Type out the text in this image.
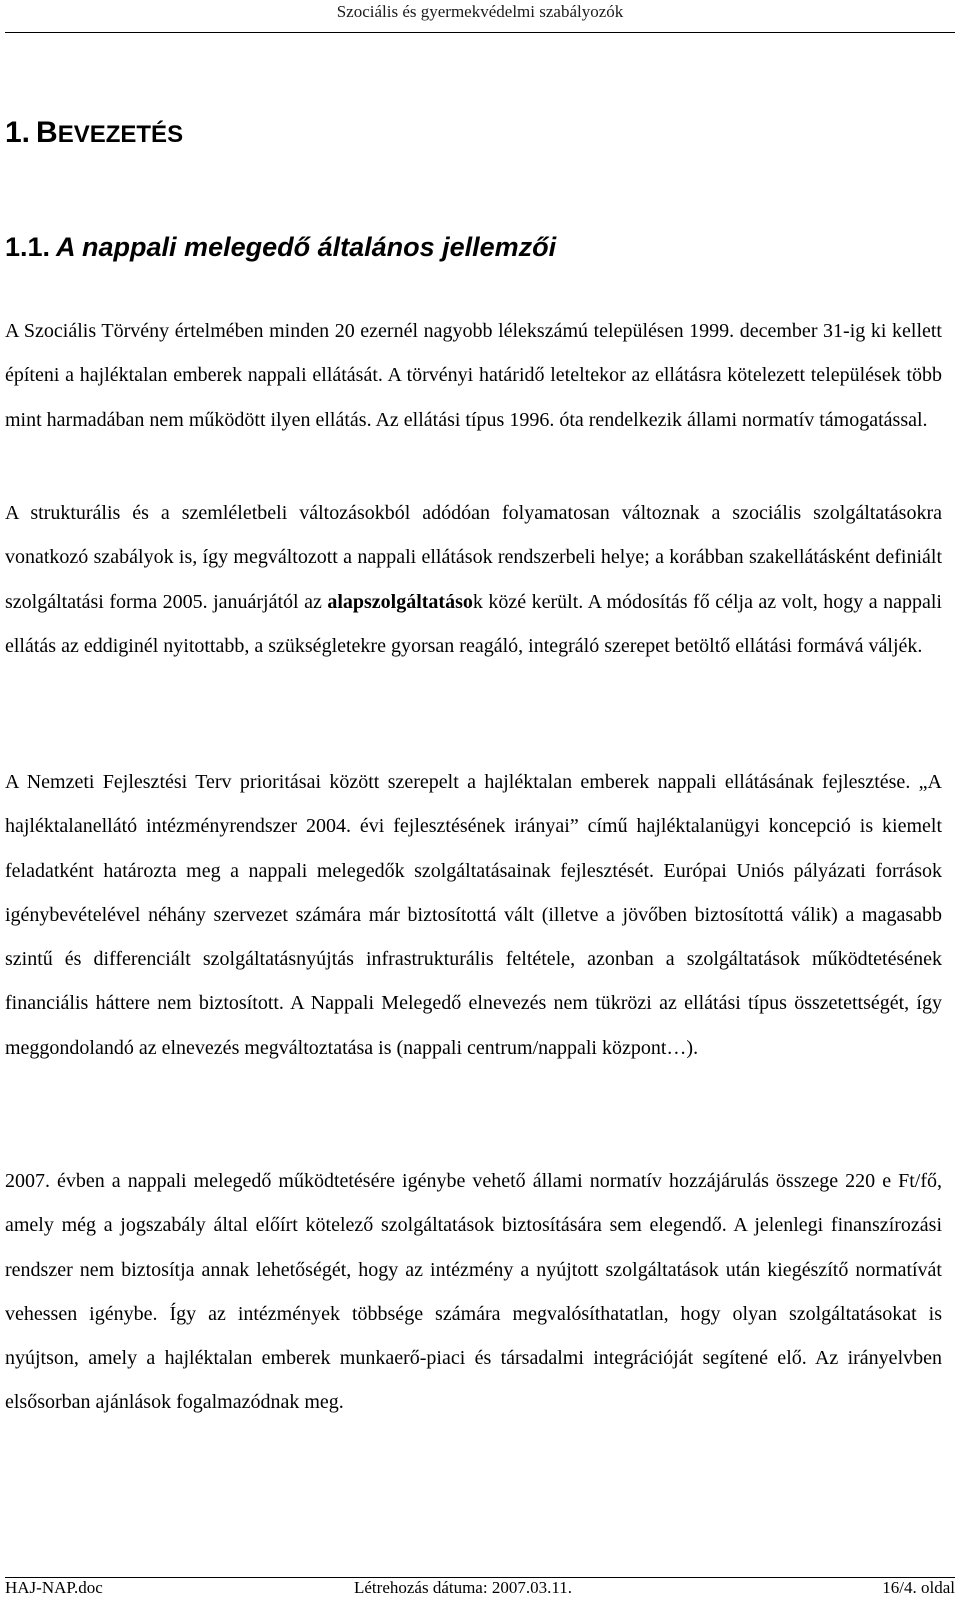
Szociális és gyermekvédelmi szabályozók
1. BEVEZETÉS
1.1. A nappali melegedő általános jellemzői

A Szociális Törvény értelmében minden 20 ezernél nagyobb lélekszámú településen 1999. december 31-ig ki kellett építeni a hajléktalan emberek nappali ellátását. A törvényi határidő leteltekor az ellátásra kötelezett települések több mint harmadában nem működött ilyen ellátás. Az ellátási típus 1996. óta rendelkezik állami normatív támogatással.

A strukturális és a szemléletbeli változásokból adódóan folyamatosan változnak a szociális szolgáltatásokra vonatkozó szabályok is, így megváltozott a nappali ellátások rendszerbeli helye; a korábban szakellátásként definiált szolgáltatási forma 2005. januárjától az alapszolgáltatások közé került. A módosítás fő célja az volt, hogy a nappali ellátás az eddiginél nyitottabb, a szükségletekre gyorsan reagáló, integráló szerepet betöltő ellátási formává váljék.

A Nemzeti Fejlesztési Terv prioritásai között szerepelt a hajléktalan emberek nappali ellátásának fejlesztése. „A hajléktalanellátó intézményrendszer 2004. évi fejlesztésének irányai” című hajléktalanügyi koncepció is kiemelt feladatként határozta meg a nappali melegedők szolgáltatásainak fejlesztését. Európai Uniós pályázati források igénybevételével néhány szervezet számára már biztosítottá vált (illetve a jövőben biztosítottá válik) a magasabb szintű és differenciált szolgáltatásnyújtás infrastrukturális feltétele, azonban a szolgáltatások működtetésének financiális háttere nem biztosított. A Nappali Melegedő elnevezés nem tükrözi az ellátási típus összetettségét, így meggondolandó az elnevezés megváltoztatása is (nappali centrum/nappali központ…).

2007. évben a nappali melegedő működtetésére igénybe vehető állami normatív hozzájárulás összege 220 e Ft/fő, amely még a jogszabály által előírt kötelező szolgáltatások biztosítására sem elegendő. A jelenlegi finanszírozási rendszer nem biztosítja annak lehetőségét, hogy az intézmény a nyújtott szolgáltatások után kiegészítő normatívát vehessen igénybe. Így az intézmények többsége számára megvalósíthatatlan, hogy olyan szolgáltatásokat is nyújtson, amely a hajléktalan emberek munkaerő-piaci és társadalmi integrációját segítené elő. Az irányelvben elsősorban ajánlások fogalmazódnak meg.

HAJ-NAP.doc	Létrehozás dátuma: 2007.03.11.	16/4. oldal
